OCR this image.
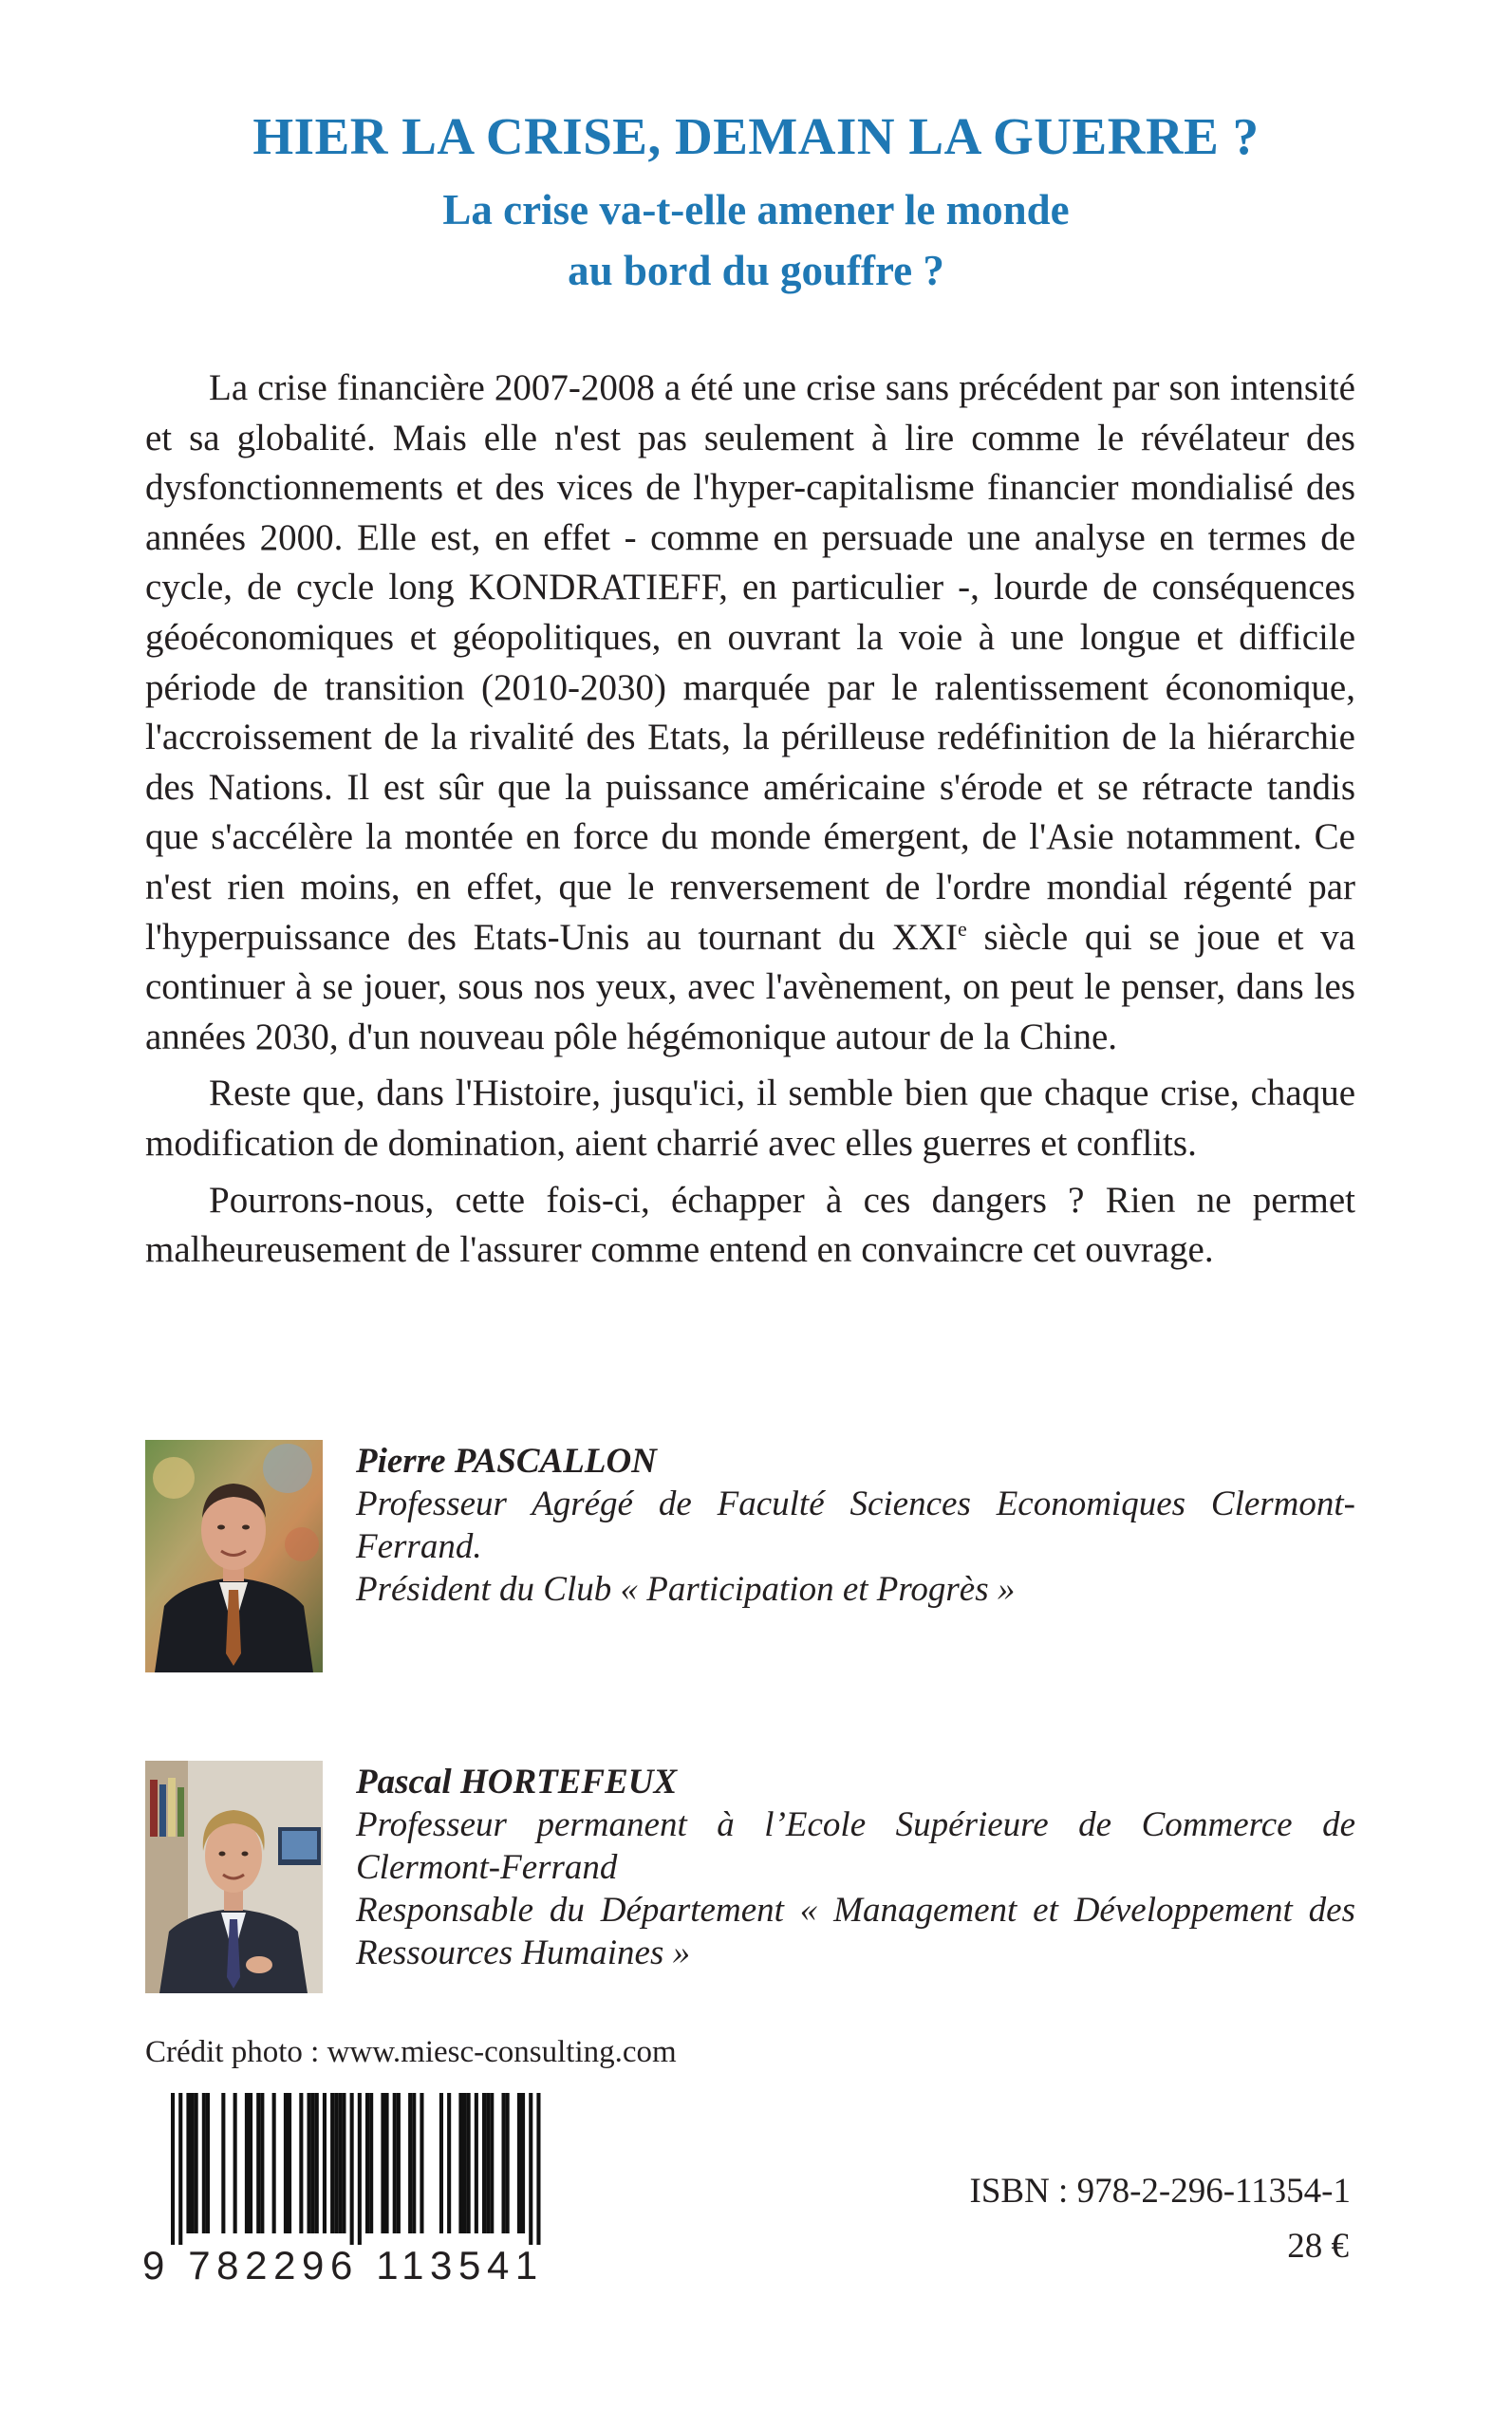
HIER LA CRISE, DEMAIN LA GUERRE ?
La crise va-t-elle amener le monde
au bord du gouffre ?

La crise financière 2007-2008 a été une crise sans précédent par son intensité et sa globalité. Mais elle n'est pas seulement à lire comme le révélateur des dysfonctionnements et des vices de l'hyper-capitalisme financier mondialisé des années 2000. Elle est, en effet - comme en persuade une analyse en termes de cycle, de cycle long KONDRATIEFF, en particulier -, lourde de conséquences géoéconomiques et géopolitiques, en ouvrant la voie à une longue et difficile période de transition (2010-2030) marquée par le ralentissement économique, l'accroissement de la rivalité des Etats, la périlleuse redéfinition de la hiérarchie des Nations. Il est sûr que la puissance américaine s'érode et se rétracte tandis que s'accélère la montée en force du monde émergent, de l'Asie notamment. Ce n'est rien moins, en effet, que le renversement de l'ordre mondial régenté par l'hyperpuissance des Etats-Unis au tournant du XXIe siècle qui se joue et va continuer à se jouer, sous nos yeux, avec l'avènement, on peut le penser, dans les années 2030, d'un nouveau pôle hégémonique autour de la Chine.

Reste que, dans l'Histoire, jusqu'ici, il semble bien que chaque crise, chaque modification de domination, aient charrié avec elles guerres et conflits.

Pourrons-nous, cette fois-ci, échapper à ces dangers ? Rien ne permet malheureusement de l'assurer comme entend en convaincre cet ouvrage.

Pierre PASCALLON
Professeur Agrégé de Faculté Sciences Economiques Clermont-Ferrand.
Président du Club « Participation et Progrès »
Pascal HORTEFEUX
Professeur permanent à l’Ecole Supérieure de Commerce de Clermont-Ferrand
Responsable du Département « Management et Développement des Ressources Humaines »
Crédit photo : www.miesc-consulting.com
9 782296 113541
ISBN : 978-2-296-11354-1
28 €
